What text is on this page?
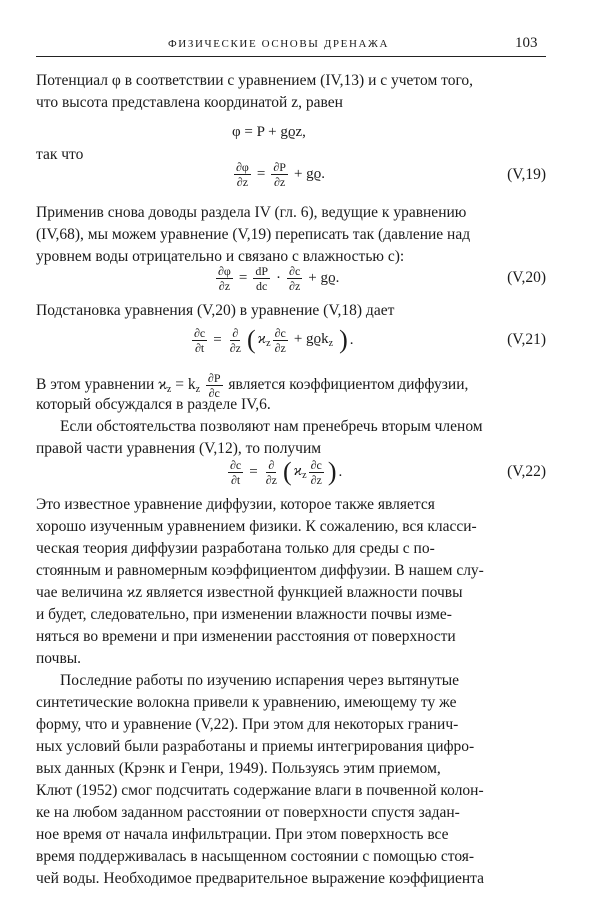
ФИЗИЧЕСКИЕ ОСНОВЫ ДРЕНАЖА	103
Потенциал φ в соответствии с уравнением (IV,13) и с учетом того,
что высота представлена координатой z, равен
φ = P + gϱz,
так что
$\frac{\partial\varphi}{\partial z} = \frac{\partial P}{\partial z} + gϱ$.	(V,19)
Применив снова доводы раздела IV (гл. 6), ведущие к уравнению
(IV,68), мы можем уравнение (V,19) переписать так (давление над
уровнем воды отрицательно и связано с влажностью c):
$\frac{\partial\varphi}{\partial z} = \frac{dP}{dc} \cdot \frac{\partial c}{\partial z} + gϱ$.	(V,20)
Подстановка уравнения (V,20) в уравнение (V,18) дает
$\frac{\partial c}{\partial t} = \frac{\partial}{\partial z}$ ( $ϰ_z \frac{\partial c}{\partial z} + gϱk_z$ ) .	(V,21)
В этом уравнении $ϰ_z = k_z \frac{\partial P}{\partial c}$ является коэффициентом диффузии,
который обсуждался в разделе IV,6.
Если обстоятельства позволяют нам пренебречь вторым членом
правой части уравнения (V,12), то получим
$\frac{\partial c}{\partial t} = \frac{\partial}{\partial z}$ ( $ϰ_z \frac{\partial c}{\partial z}$ ) .	(V,22)
Это известное уравнение диффузии, которое также является
хорошо изученным уравнением физики. К сожалению, вся класси-
ческая теория диффузии разработана только для среды с по-
стоянным и равномерным коэффициентом диффузии. В нашем слу-
чае величина ϰz является известной функцией влажности почвы
и будет, следовательно, при изменении влажности почвы изме-
няться во времени и при изменении расстояния от поверхности
почвы.
Последние работы по изучению испарения через вытянутые
синтетические волокна привели к уравнению, имеющему ту же
форму, что и уравнение (V,22). При этом для некоторых гранич-
ных условий были разработаны и приемы интегрирования цифро-
вых данных (Крэнк и Генри, 1949). Пользуясь этим приемом,
Клют (1952) смог подсчитать содержание влаги в почвенной колон-
ке на любом заданном расстоянии от поверхности спустя задан-
ное время от начала инфильтрации. При этом поверхность все
время поддерживалась в насыщенном состоянии с помощью стоя-
чей воды. Необходимое предварительное выражение коэффициента
